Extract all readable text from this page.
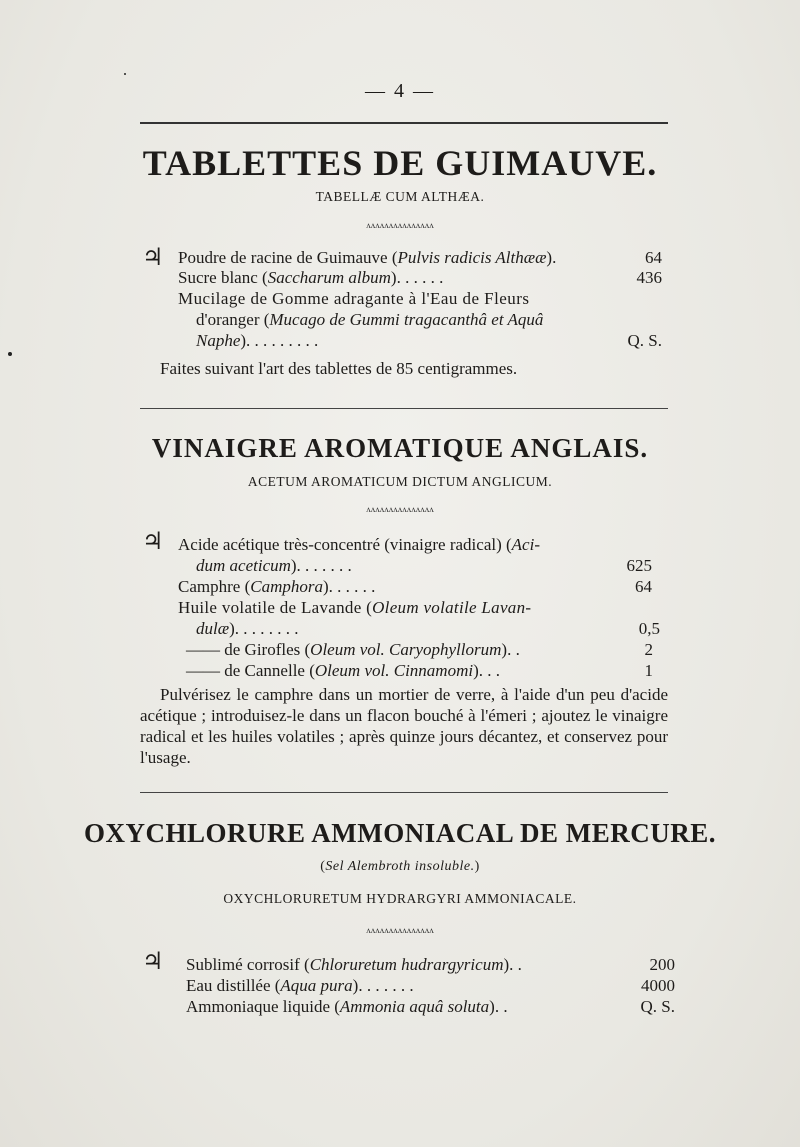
— 4 —
TABLETTES DE GUIMAUVE.
TABELLÆ CUM ALTHÆA.
ʌʌʌʌʌʌʌʌʌʌʌʌʌʌʌ
♃ Poudre de racine de Guimauve (Pulvis radicis Althææ).	64
Sucre blanc (Saccharum album). . . . . .	436
Mucilage de Gomme adragante à l'Eau de Fleurs
d'oranger (Mucago de Gummi tragacanthâ et Aquâ
Naphe). . . . . . . . .	Q. S.
Faites suivant l'art des tablettes de 85 centigrammes.
VINAIGRE AROMATIQUE ANGLAIS.
ACETUM AROMATICUM DICTUM ANGLICUM.
ʌʌʌʌʌʌʌʌʌʌʌʌʌʌʌ
♃ Acide acétique très-concentré (vinaigre radical) (Aci-
dum aceticum). . . . . . .	625
Camphre (Camphora). . . . . .	64
Huile volatile de Lavande (Oleum volatile Lavan-
dulæ). . . . . . . .	0,5
—— de Girofles (Oleum vol. Caryophyllorum). .	2
—— de Cannelle (Oleum vol. Cinnamomi). . .	1
Pulvérisez le camphre dans un mortier de verre, à l'aide d'un peu d'acide acétique ; introduisez-le dans un flacon bouché à l'émeri ; ajoutez le vinaigre radical et les huiles volatiles ; après quinze jours décantez, et conservez pour l'usage.
OXYCHLORURE AMMONIACAL DE MERCURE.
(Sel Alembroth insoluble.)
OXYCHLORURETUM HYDRARGYRI AMMONIACALE.
ʌʌʌʌʌʌʌʌʌʌʌʌʌʌʌ
♃ Sublimé corrosif (Chloruretum hudrargyricum). .	200
Eau distillée (Aqua pura). . . . . . .	4000
Ammoniaque liquide (Ammonia aquâ soluta). .	Q. S.
